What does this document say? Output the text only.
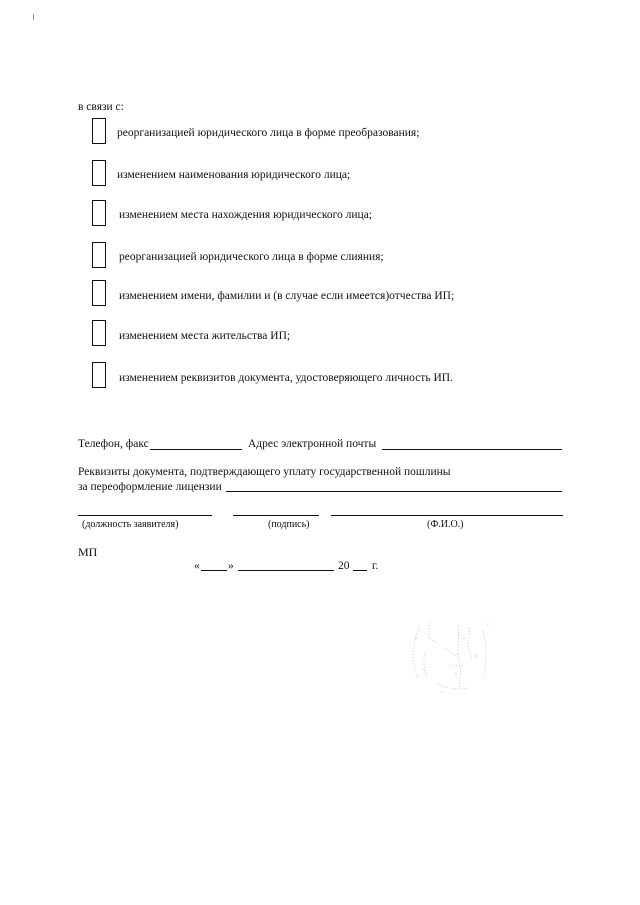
в связи с:
реорганизацией юридического лица в форме преобразования;
изменением наименования юридического лица;
изменением места нахождения юридического лица;
реорганизацией юридического лица в форме слияния;
изменением имени, фамилии и (в случае если имеется)отчества ИП;
изменением места жительства ИП;
изменением реквизитов документа, удостоверяющего личность ИП.
Телефон, факс	Адрес электронной почты
Реквизиты документа, подтверждающего уплату государственной пошлины
за переоформление лицензии
(должность заявителя)	(подпись)	(Ф.И.О.)
МП
« »	20 г.
